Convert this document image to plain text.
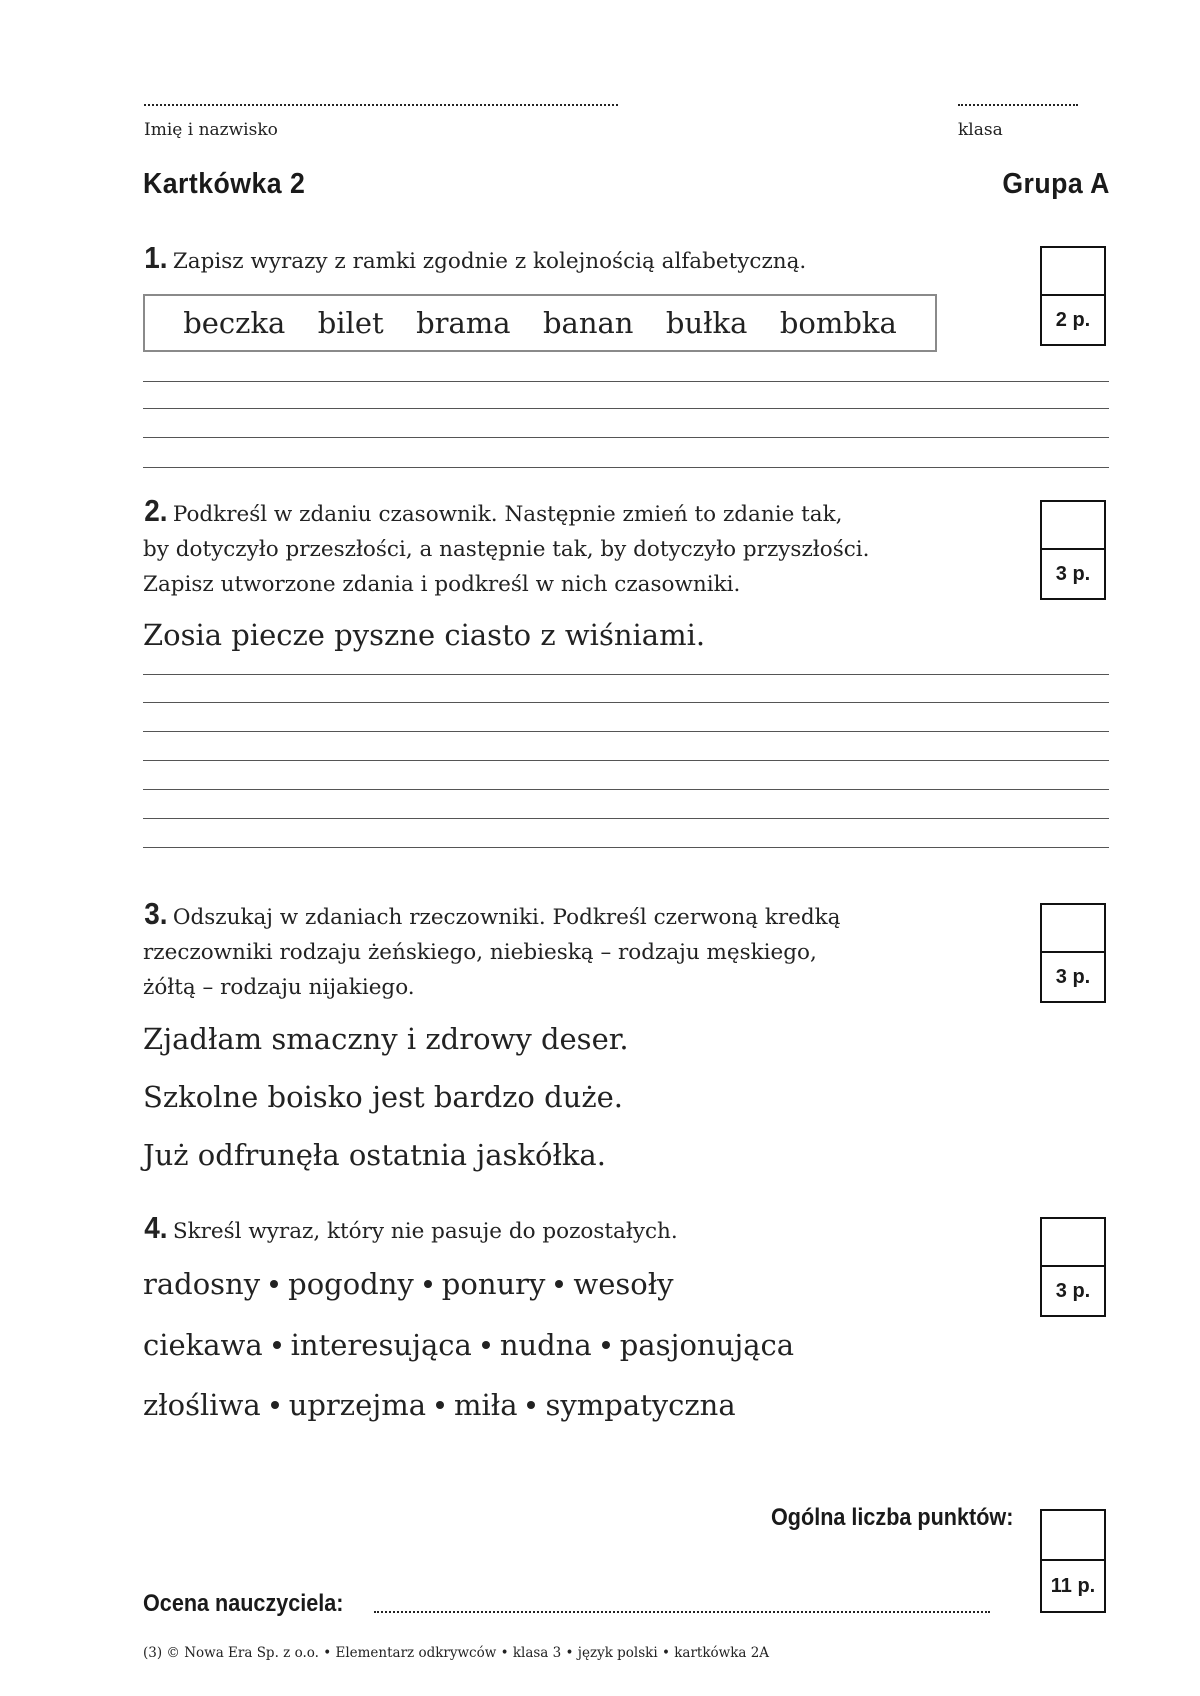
Imię i nazwisko	klasa
Kartkówka 2	Grupa A
1. Zapisz wyrazy z ramki zgodnie z kolejnością alfabetyczną.
beczka bilet brama banan bułka bombka	2 p.
2. Podkreśl w zdaniu czasownik. Następnie zmień to zdanie tak,
by dotyczyło przeszłości, a następnie tak, by dotyczyło przyszłości.
Zapisz utworzone zdania i podkreśl w nich czasowniki.	3 p.
Zosia piecze pyszne ciasto z wiśniami.
3. Odszukaj w zdaniach rzeczowniki. Podkreśl czerwoną kredką
rzeczowniki rodzaju żeńskiego, niebieską – rodzaju męskiego,
żółtą – rodzaju nijakiego.	3 p.
Zjadłam smaczny i zdrowy deser.
Szkolne boisko jest bardzo duże.
Już odfrunęła ostatnia jaskółka.
4. Skreśl wyraz, który nie pasuje do pozostałych.
3 p.
radosny pogodny ponury wesoły
ciekawa interesująca nudna pasjonująca
złośliwa uprzejma miła sympatyczna
Ogólna liczba punktów:
11 p.
Ocena nauczyciela:
(3) © Nowa Era Sp. z o.o. • Elementarz odkrywców • klasa 3 • język polski • kartkówka 2A
